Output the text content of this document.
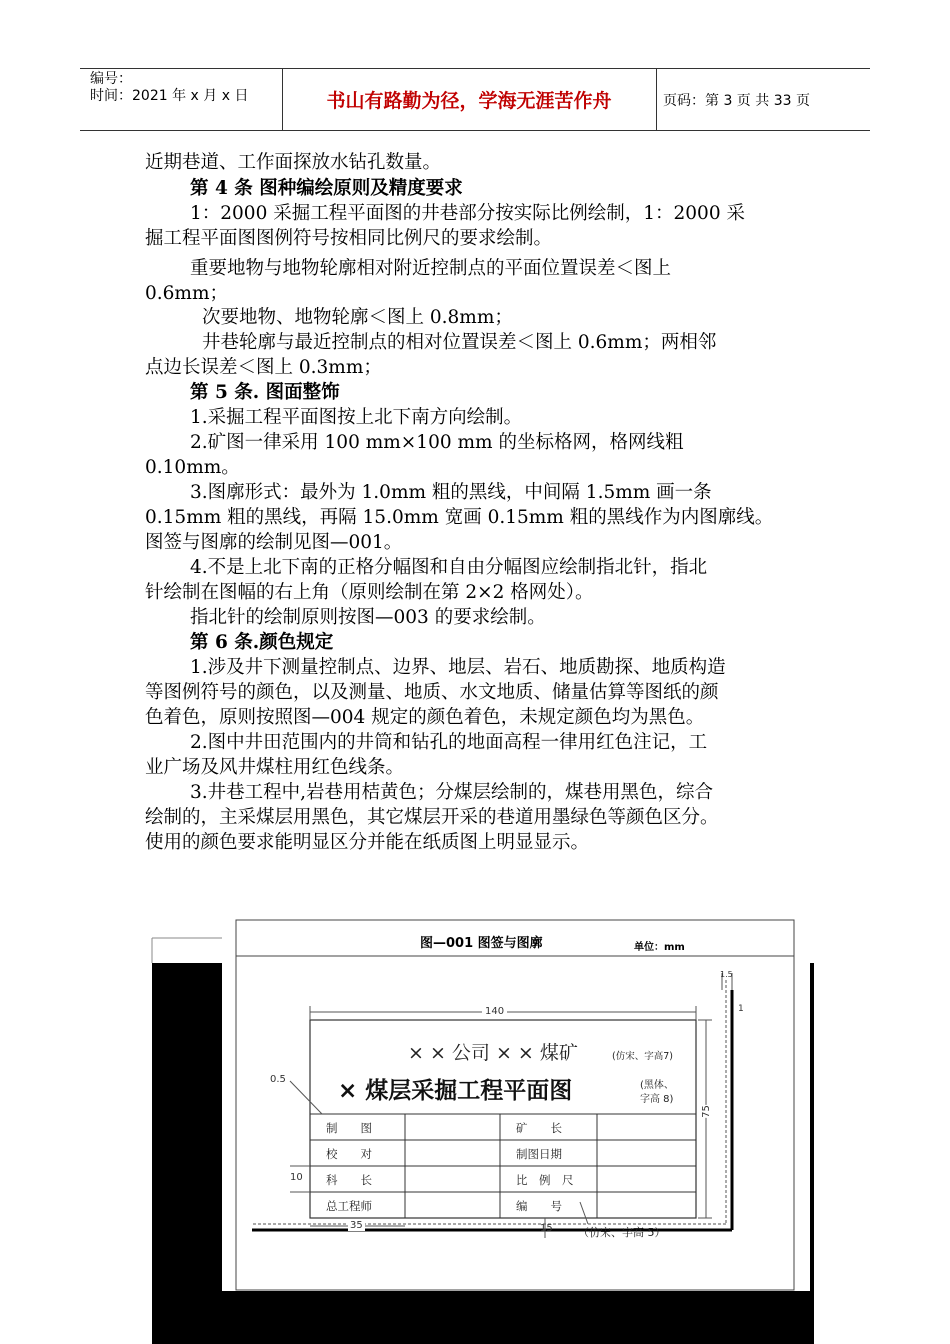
编号：
时间：2021 年 x 月 x 日	书山有路勤为径，学海无涯苦作舟	页码：第 3 页 共 33 页
近期巷道、工作面探放水钻孔数量。
第 4 条 图种编绘原则及精度要求
1：2000 采掘工程平面图的井巷部分按实际比例绘制，1：2000 采
掘工程平面图图例符号按相同比例尺的要求绘制。
重要地物与地物轮廓相对附近控制点的平面位置误差＜图上
0.6mm；
次要地物、地物轮廓＜图上 0.8mm；
井巷轮廓与最近控制点的相对位置误差＜图上 0.6mm；两相邻
点边长误差＜图上 0.3mm；
第 5 条. 图面整饰
1.采掘工程平面图按上北下南方向绘制。
2.矿图一律采用 100 mm×100 mm 的坐标格网，格网线粗
0.10mm。
3.图廓形式：最外为 1.0mm 粗的黑线，中间隔 1.5mm 画一条
0.15mm 粗的黑线，再隔 15.0mm 宽画 0.15mm 粗的黑线作为内图廓线。
图签与图廓的绘制见图—001。
4.不是上北下南的正格分幅图和自由分幅图应绘制指北针，指北
针绘制在图幅的右上角（原则绘制在第 2×2 格网处）。
指北针的绘制原则按图—003 的要求绘制。
第 6 条.颜色规定
1.涉及井下测量控制点、边界、地层、岩石、地质勘探、地质构造
等图例符号的颜色，以及测量、地质、水文地质、储量估算等图纸的颜
色着色，原则按照图—004 规定的颜色着色，未规定颜色均为黑色。
2.图中井田范围内的井筒和钻孔的地面高程一律用红色注记，工
业广场及风井煤柱用红色线条。
3.井巷工程中,岩巷用桔黄色；分煤层绘制的，煤巷用黑色，综合
绘制的，主采煤层用黑色，其它煤层开采的巷道用墨绿色等颜色区分。
使用的颜色要求能明显区分并能在纸质图上明显显示。
图—001 图签与图廓	单位：mm
140
1.5
1
0.5
75
10
35	15
× × 公司 × × 煤矿	(仿宋、字高7)
× 煤层采掘工程平面图	(黑体、
字高 8)
制　　图	矿　　长
校　　对	制图日期
科　　长	比　例　尺
总工程师	编　　号
（仿宋、字高 5）
